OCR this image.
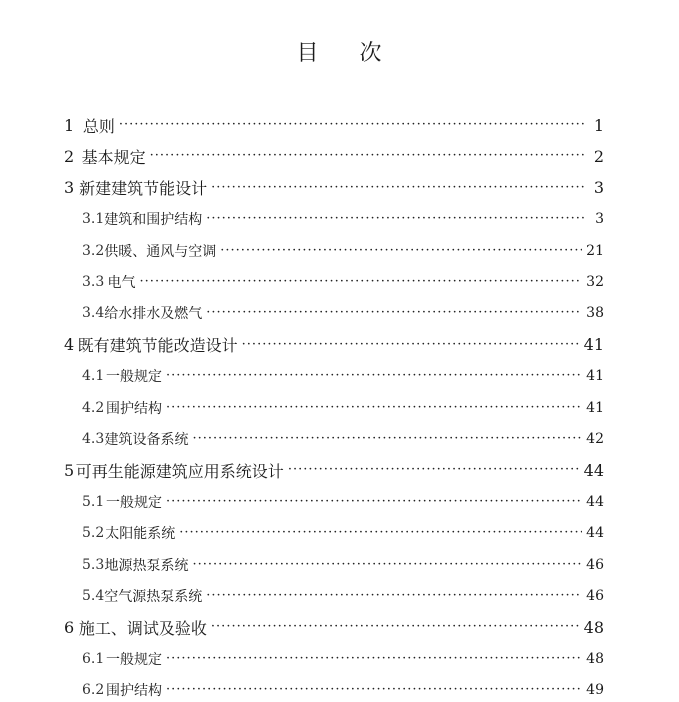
目 次
1 总则 ·····	1
2 基本规定 ·····	2
3 新建建筑节能设计 ·····	3
3.1 建筑和围护结构 ·····	3
3.2 供暖、通风与空调 ·····	21
3.3 电气 ·····	32
3.4 给水排水及燃气 ·····	38
4 既有建筑节能改造设计 ·····	41
4.1 一般规定 ·····	41
4.2 围护结构 ·····	41
4.3 建筑设备系统 ·····	42
5 可再生能源建筑应用系统设计 ·····	44
5.1 一般规定 ·····	44
5.2 太阳能系统 ·····	44
5.3 地源热泵系统 ·····	46
5.4 空气源热泵系统 ·····	46
6 施工、调试及验收 ·····	48
6.1 一般规定 ·····	48
6.2 围护结构 ·····	49
